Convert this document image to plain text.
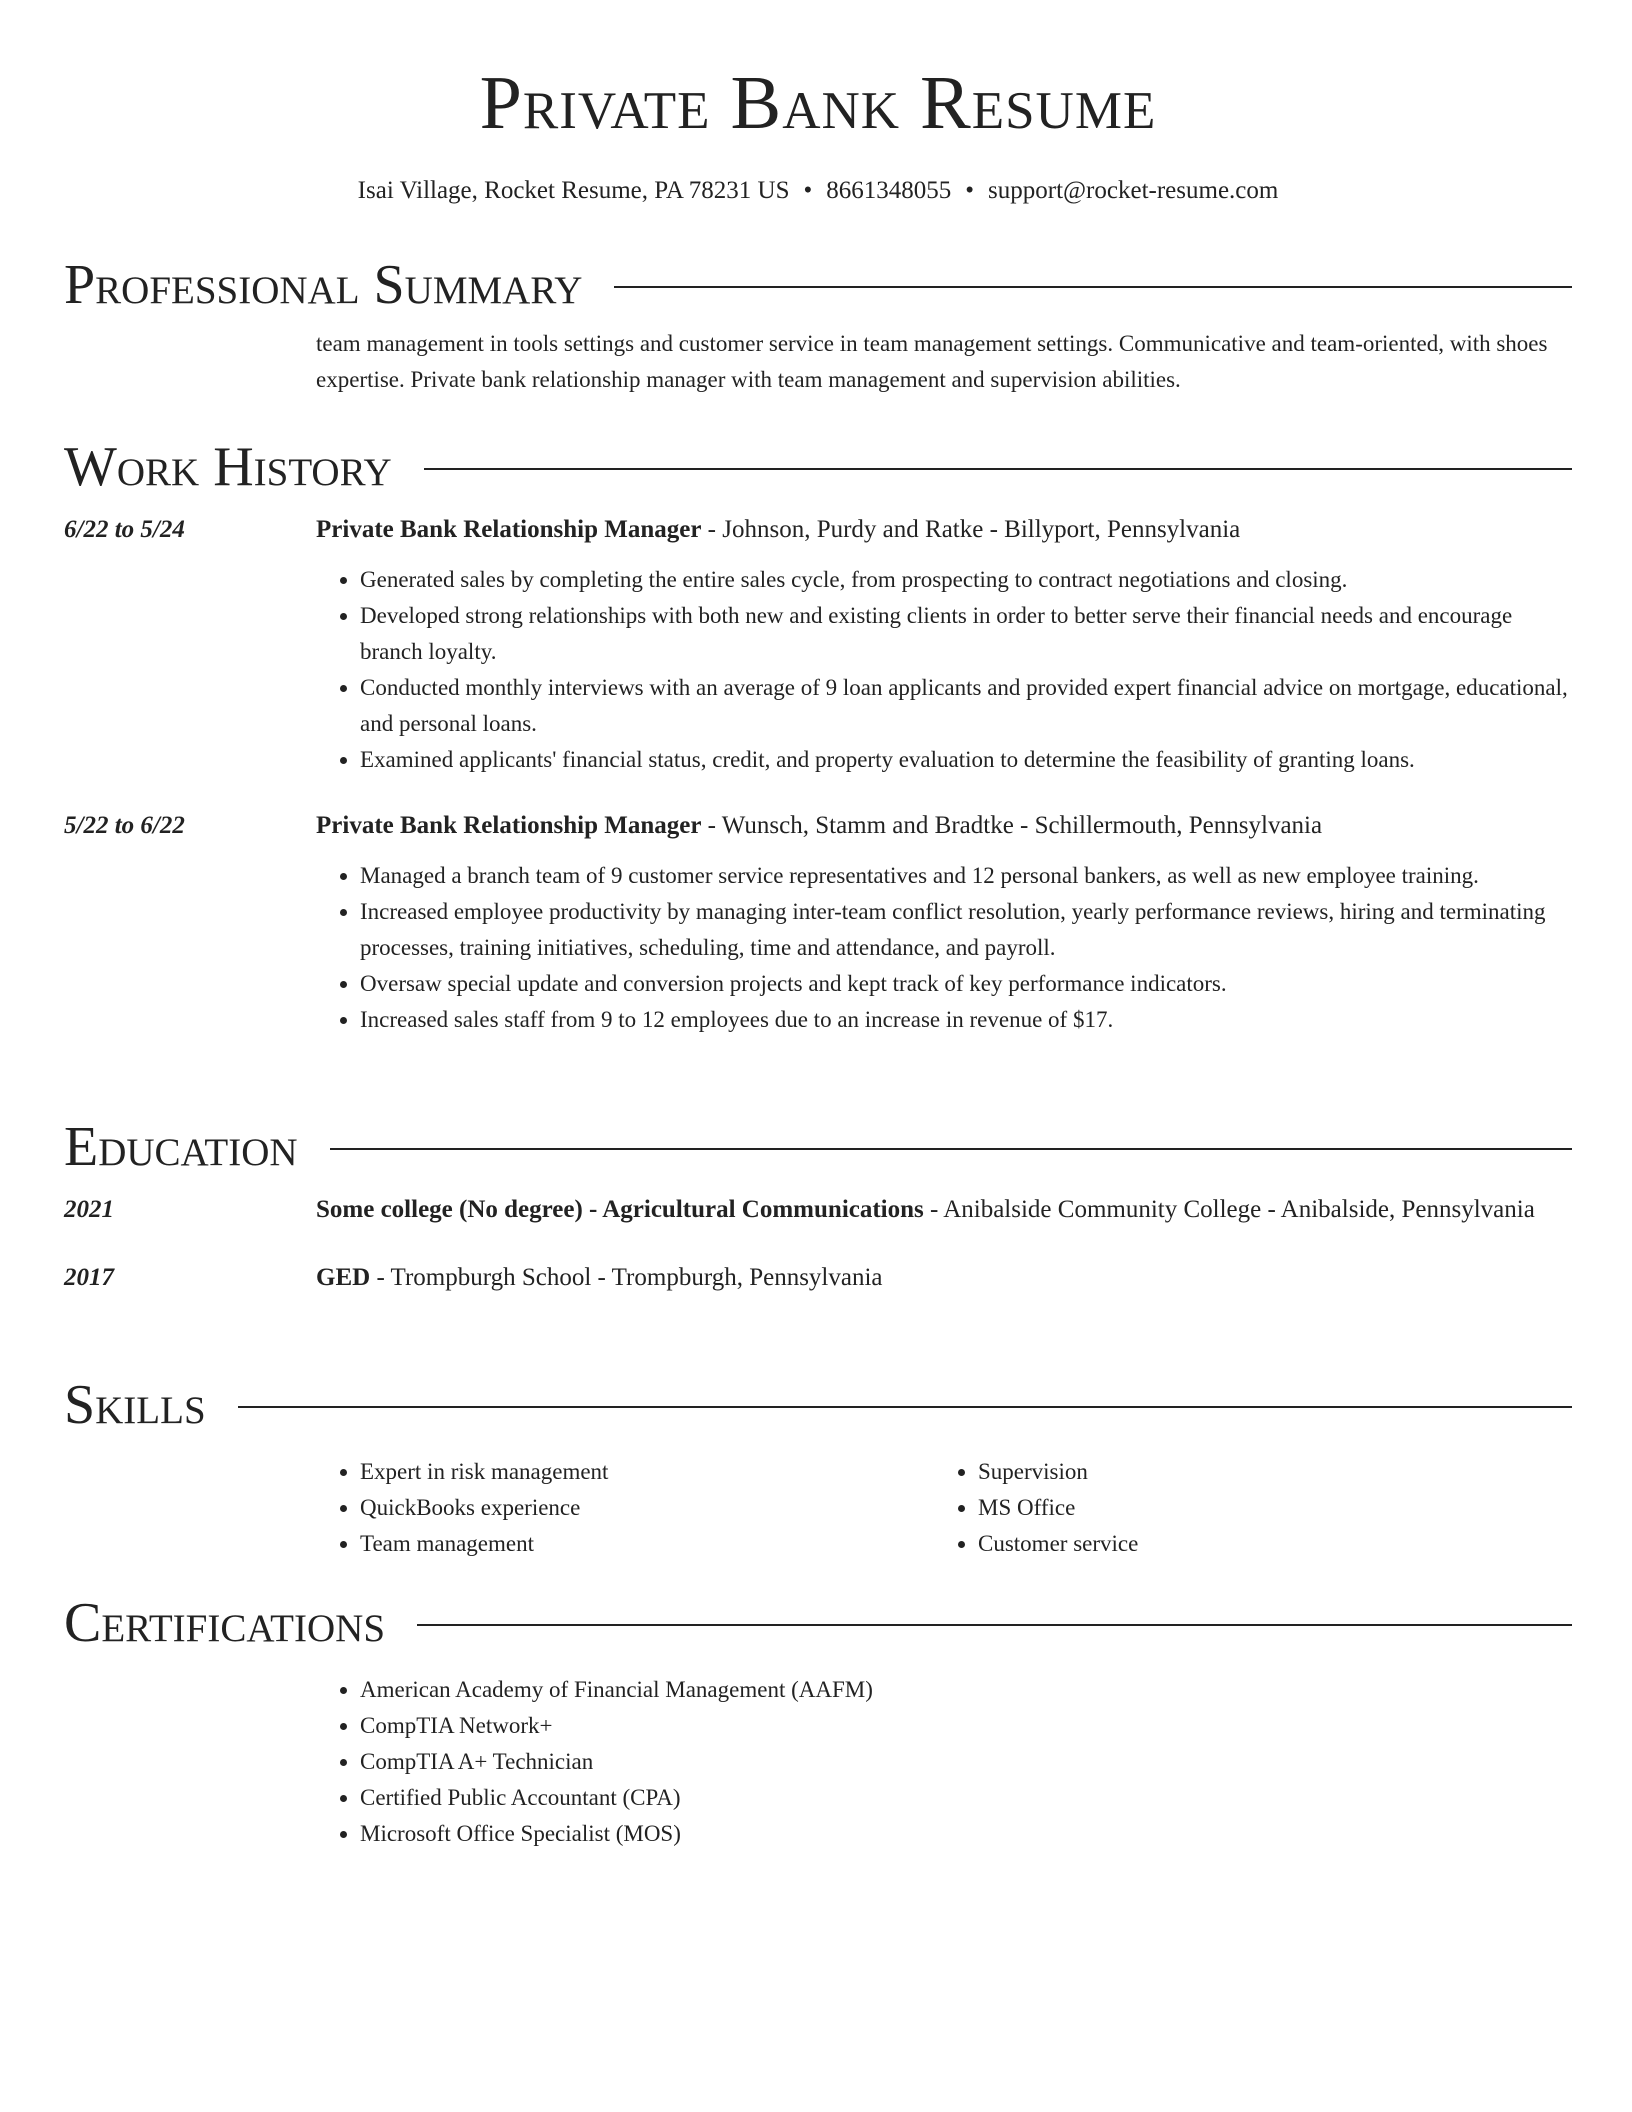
Private Bank Resume
Isai Village, Rocket Resume, PA 78231 US • 8661348055 • support@rocket-resume.com
Professional Summary
team management in tools settings and customer service in team management settings. Communicative and team-oriented, with shoes expertise. Private bank relationship manager with team management and supervision abilities.
Work History
6/22 to 5/24	Private Bank Relationship Manager - Johnson, Purdy and Ratke - Billyport, Pennsylvania
• Generated sales by completing the entire sales cycle, from prospecting to contract negotiations and closing.
• Developed strong relationships with both new and existing clients in order to better serve their financial needs and encourage branch loyalty.
• Conducted monthly interviews with an average of 9 loan applicants and provided expert financial advice on mortgage, educational, and personal loans.
• Examined applicants' financial status, credit, and property evaluation to determine the feasibility of granting loans.
5/22 to 6/22	Private Bank Relationship Manager - Wunsch, Stamm and Bradtke - Schillermouth, Pennsylvania
• Managed a branch team of 9 customer service representatives and 12 personal bankers, as well as new employee training.
• Increased employee productivity by managing inter-team conflict resolution, yearly performance reviews, hiring and terminating processes, training initiatives, scheduling, time and attendance, and payroll.
• Oversaw special update and conversion projects and kept track of key performance indicators.
• Increased sales staff from 9 to 12 employees due to an increase in revenue of $17.
Education
2021	Some college (No degree) - Agricultural Communications - Anibalside Community College - Anibalside, Pennsylvania
2017	GED - Trompburgh School - Trompburgh, Pennsylvania
Skills
• Expert in risk management
• QuickBooks experience
• Team management
• Supervision
• MS Office
• Customer service
Certifications
• American Academy of Financial Management (AAFM)
• CompTIA Network+
• CompTIA A+ Technician
• Certified Public Accountant (CPA)
• Microsoft Office Specialist (MOS)
